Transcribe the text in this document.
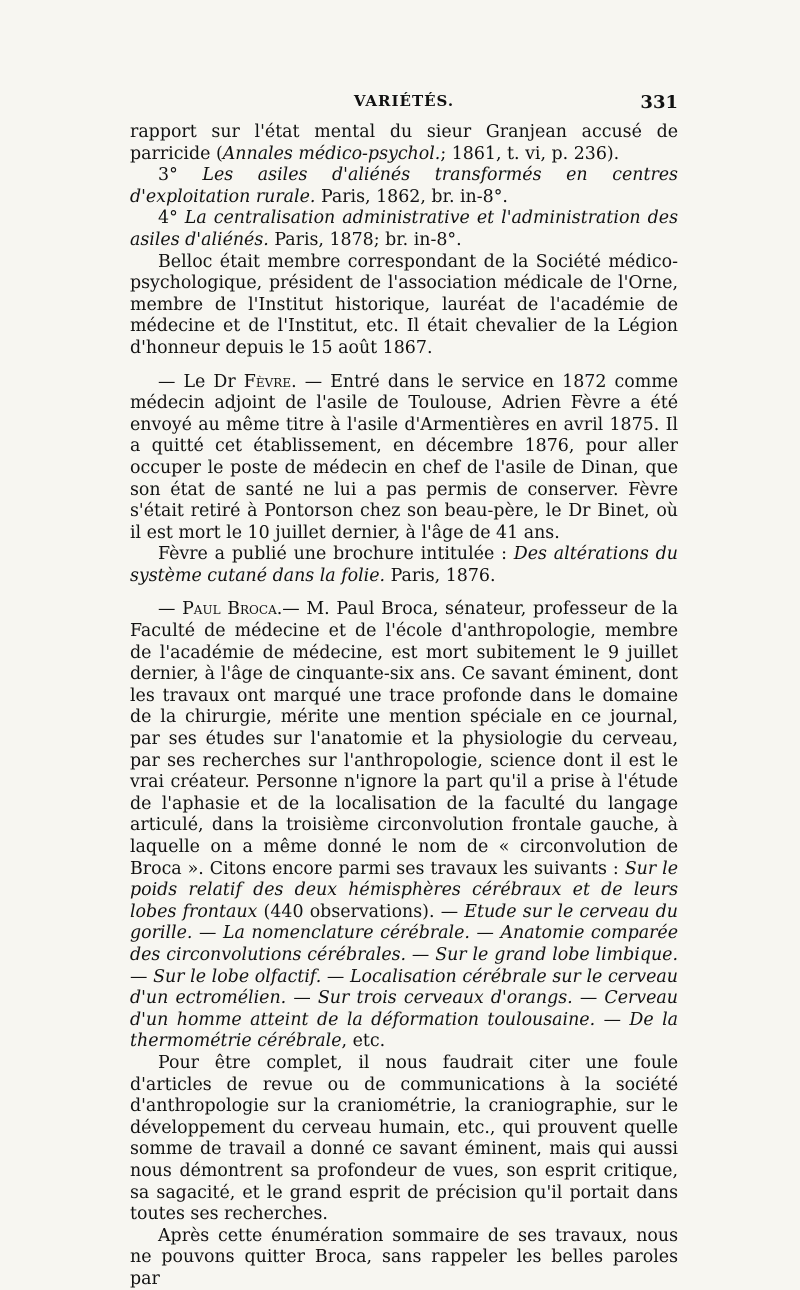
VARIÉTÉS.	331

rapport sur l'état mental du sieur Granjean accusé de parricide (Annales médico-psychol.; 1861, t. vi, p. 236).

3° Les asiles d'aliénés transformés en centres d'exploitation rurale. Paris, 1862, br. in-8°.

4° La centralisation administrative et l'administration des asiles d'aliénés. Paris, 1878; br. in-8°.

Belloc était membre correspondant de la Société médico-psychologique, président de l'association médicale de l'Orne, membre de l'Institut historique, lauréat de l'académie de médecine et de l'Institut, etc. Il était chevalier de la Légion d'honneur depuis le 15 août 1867.

— Le Dr Fèvre. — Entré dans le service en 1872 comme médecin adjoint de l'asile de Toulouse, Adrien Fèvre a été envoyé au même titre à l'asile d'Armentières en avril 1875. Il a quitté cet établissement, en décembre 1876, pour aller occuper le poste de médecin en chef de l'asile de Dinan, que son état de santé ne lui a pas permis de conserver. Fèvre s'était retiré à Pontorson chez son beau-père, le Dr Binet, où il est mort le 10 juillet dernier, à l'âge de 41 ans.

Fèvre a publié une brochure intitulée : Des altérations du système cutané dans la folie. Paris, 1876.

— Paul Broca.— M. Paul Broca, sénateur, professeur de la Faculté de médecine et de l'école d'anthropologie, membre de l'académie de médecine, est mort subitement le 9 juillet dernier, à l'âge de cinquante-six ans. Ce savant éminent, dont les travaux ont marqué une trace profonde dans le domaine de la chirurgie, mérite une mention spéciale en ce journal, par ses études sur l'anatomie et la physiologie du cerveau, par ses recherches sur l'anthropologie, science dont il est le vrai créateur. Personne n'ignore la part qu'il a prise à l'étude de l'aphasie et de la localisation de la faculté du langage articulé, dans la troisième circonvolution frontale gauche, à laquelle on a même donné le nom de « circonvolution de Broca ». Citons encore parmi ses travaux les suivants : Sur le poids relatif des deux hémisphères cérébraux et de leurs lobes frontaux (440 observations). — Etude sur le cerveau du gorille. — La nomenclature cérébrale. — Anatomie comparée des circonvolutions cérébrales. — Sur le grand lobe limbique. — Sur le lobe olfactif. — Localisation cérébrale sur le cerveau d'un ectromélien. — Sur trois cerveaux d'orangs. — Cerveau d'un homme atteint de la déformation toulousaine. — De la thermométrie cérébrale, etc.

Pour être complet, il nous faudrait citer une foule d'articles de revue ou de communications à la société d'anthropologie sur la craniométrie, la craniographie, sur le développement du cerveau humain, etc., qui prouvent quelle somme de travail a donné ce savant éminent, mais qui aussi nous démontrent sa profondeur de vues, son esprit critique, sa sagacité, et le grand esprit de précision qu'il portait dans toutes ses recherches.

Après cette énumération sommaire de ses travaux, nous ne pouvons quitter Broca, sans rappeler les belles paroles par
